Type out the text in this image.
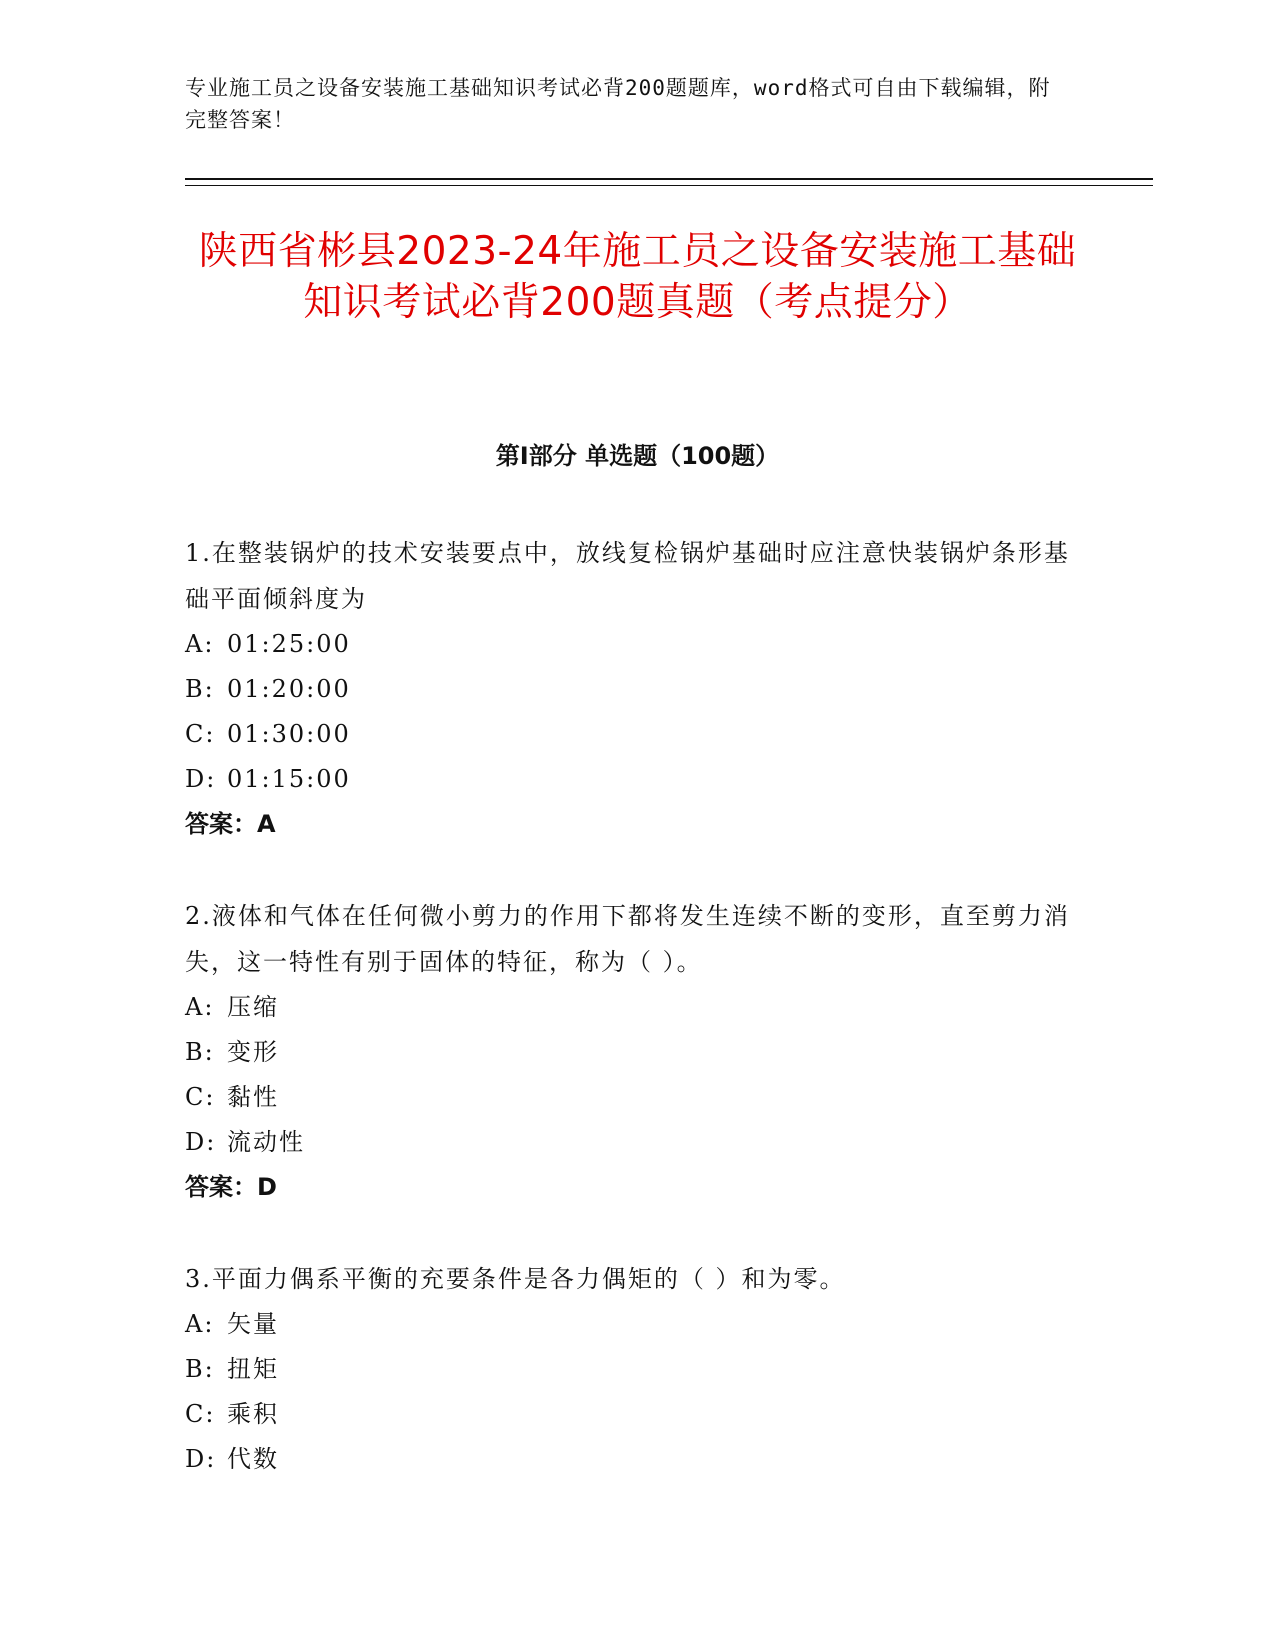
专业施工员之设备安装施工基础知识考试必背200题题库，word格式可自由下载编辑，附完整答案！
陕西省彬县2023-24年施工员之设备安装施工基础知识考试必背200题真题（考点提分）
第I部分 单选题（100题）

1.在整装锅炉的技术安装要点中，放线复检锅炉基础时应注意快装锅炉条形基础平面倾斜度为

A: 01:25:00

B: 01:20:00

C: 01:30:00

D: 01:15:00

答案：A

2.液体和气体在任何微小剪力的作用下都将发生连续不断的变形，直至剪力消失，这一特性有别于固体的特征，称为（ ）。

A: 压缩

B: 变形

C: 黏性

D: 流动性

答案：D

3.平面力偶系平衡的充要条件是各力偶矩的（ ）和为零。

A: 矢量

B: 扭矩

C: 乘积

D: 代数
